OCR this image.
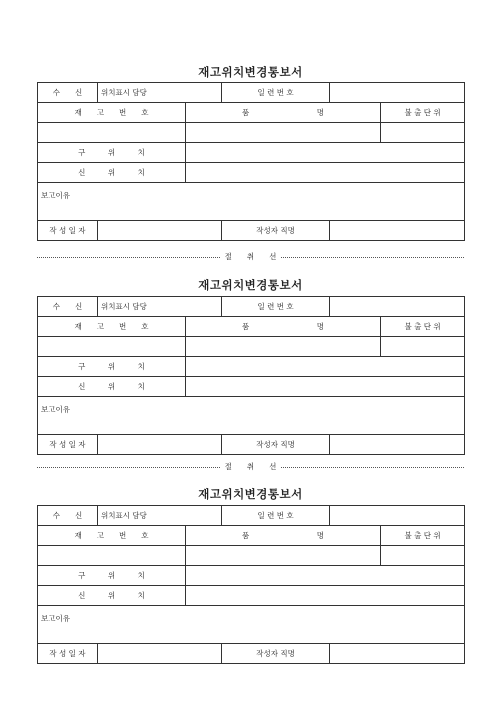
재고위치변경통보서
수　　신	위치표시 담당		일 련 번 호		
재　　고　　번　　호		품　　　　　　　　　명			불 출 단 위

구　　　위　　　치					
신　　　위　　　치					
보고이유					
작 성 일 자			작성자 직명		
절　　취　　선
재고위치변경통보서
수　　신	위치표시 담당		일 련 번 호		
재　　고　　번　　호		품　　　　　　　　　명			불 출 단 위

구　　　위　　　치					
신　　　위　　　치					
보고이유					
작 성 일 자			작성자 직명		
절　　취　　선
재고위치변경통보서
수　　신	위치표시 담당		일 련 번 호		
재　　고　　번　　호		품　　　　　　　　　명			불 출 단 위

구　　　위　　　치					
신　　　위　　　치					
보고이유					
작 성 일 자			작성자 직명		
